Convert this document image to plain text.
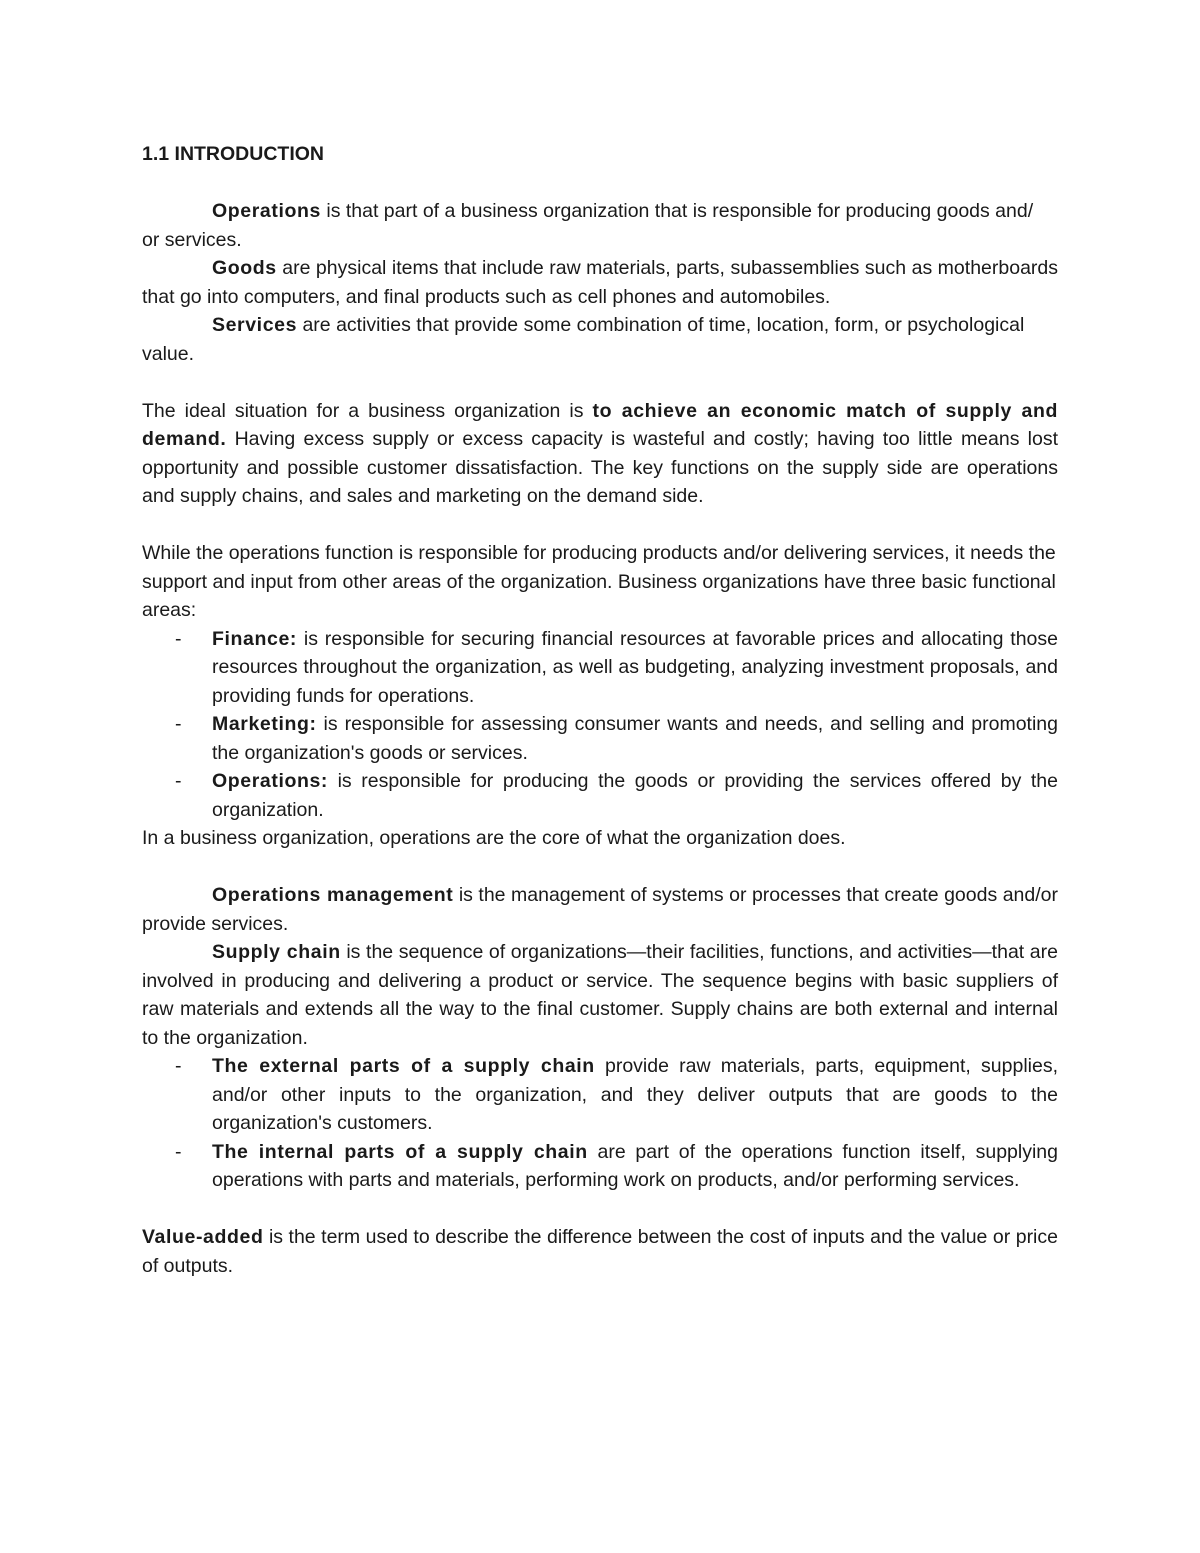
1.1 INTRODUCTION

Operations is that part of a business organization that is responsible for producing goods and/

or services.

Goods are physical items that include raw materials, parts, subassemblies such as motherboards that go into computers, and final products such as cell phones and automobiles.

Services are activities that provide some combination of time, location, form, or psychological

value.

The ideal situation for a business organization is to achieve an economic match of supply and demand. Having excess supply or excess capacity is wasteful and costly; having too little means lost opportunity and possible customer dissatisfaction. The key functions on the supply side are operations and supply chains, and sales and marketing on the demand side.

While the operations function is responsible for producing products and/or delivering services, it needs the support and input from other areas of the organization. Business organizations have three basic functional areas:

- Finance: is responsible for securing financial resources at favorable prices and allocating those resources throughout the organization, as well as budgeting, analyzing investment proposals, and providing funds for operations.
- Marketing: is responsible for assessing consumer wants and needs, and selling and promoting the organization's goods or services.
- Operations: is responsible for producing the goods or providing the services offered by the organization.

In a business organization, operations are the core of what the organization does.

Operations management is the management of systems or processes that create goods and/or provide services.

Supply chain is the sequence of organizations—their facilities, functions, and activities—that are involved in producing and delivering a product or service. The sequence begins with basic suppliers of raw materials and extends all the way to the final customer. Supply chains are both external and internal to the organization.

- The external parts of a supply chain provide raw materials, parts, equipment, supplies, and/or other inputs to the organization, and they deliver outputs that are goods to the organization's customers.
- The internal parts of a supply chain are part of the operations function itself, supplying operations with parts and materials, performing work on products, and/or performing services.

Value-added is the term used to describe the difference between the cost of inputs and the value or price of outputs.
